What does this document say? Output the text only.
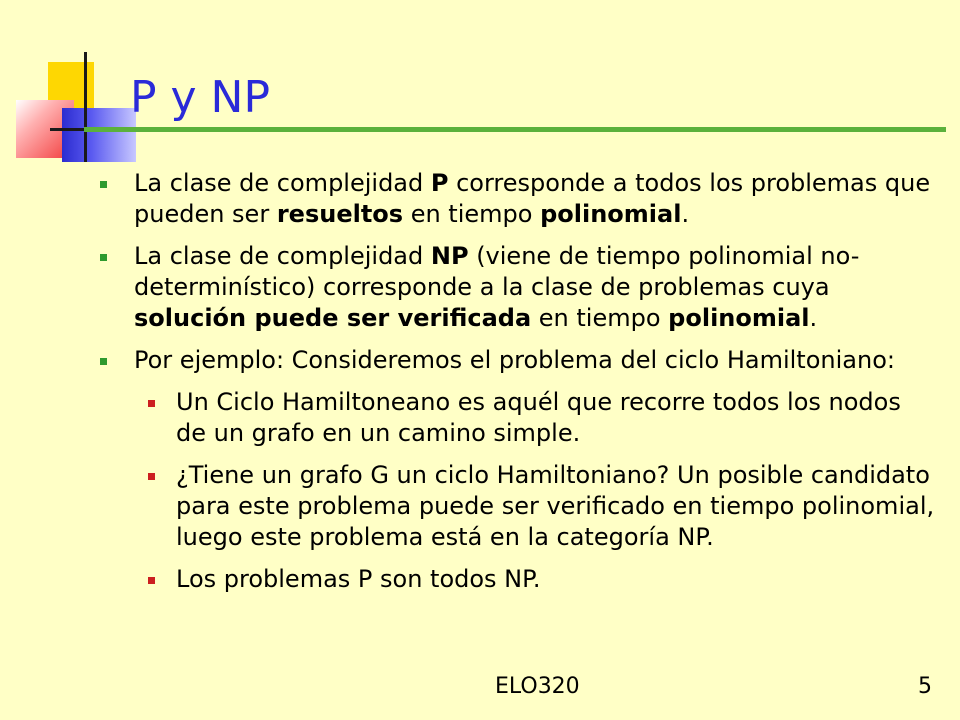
P y NP
La clase de complejidad P corresponde a todos los problemas que pueden ser resueltos en tiempo polinomial.
La clase de complejidad NP (viene de tiempo polinomial no-determinístico) corresponde a la clase de problemas cuya solución puede ser verificada en tiempo polinomial.
Por ejemplo: Consideremos el problema del ciclo Hamiltoniano:
Un Ciclo Hamiltoneano es aquél que recorre todos los nodos de un grafo en un camino simple.
¿Tiene un grafo G un ciclo Hamiltoniano? Un posible candidato para este problema puede ser verificado en tiempo polinomial, luego este problema está en la categoría NP.
Los problemas P son todos NP.
ELO320	5
